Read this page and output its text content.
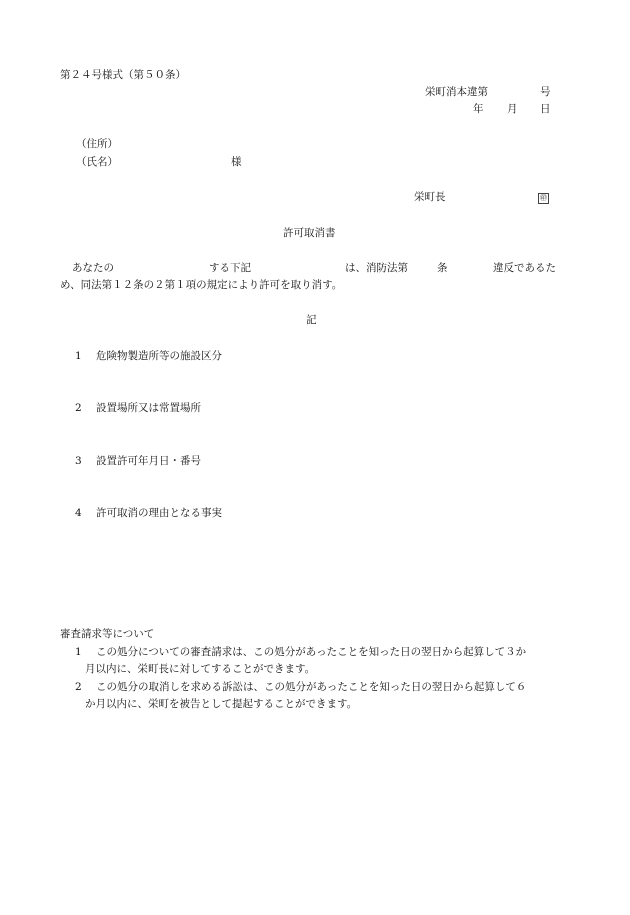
第２４号様式（第５０条）
栄町消本違第	号
年 月 日
（住所）
（氏名）	様
栄町長	㊞
許可取消書
あなたの	する下記	は、消防法第	条	違反であるた
め、同法第１２条の２第１項の規定により許可を取り消す。
記
1 危険物製造所等の施設区分
2 設置場所又は常置場所
3 設置許可年月日・番号
4 許可取消の理由となる事実
審査請求等について
1 この処分についての審査請求は、この処分があったことを知った日の翌日から起算して３か
月以内に、栄町長に対してすることができます。
2 この処分の取消しを求める訴訟は、この処分があったことを知った日の翌日から起算して６
か月以内に、栄町を被告として提起することができます。
